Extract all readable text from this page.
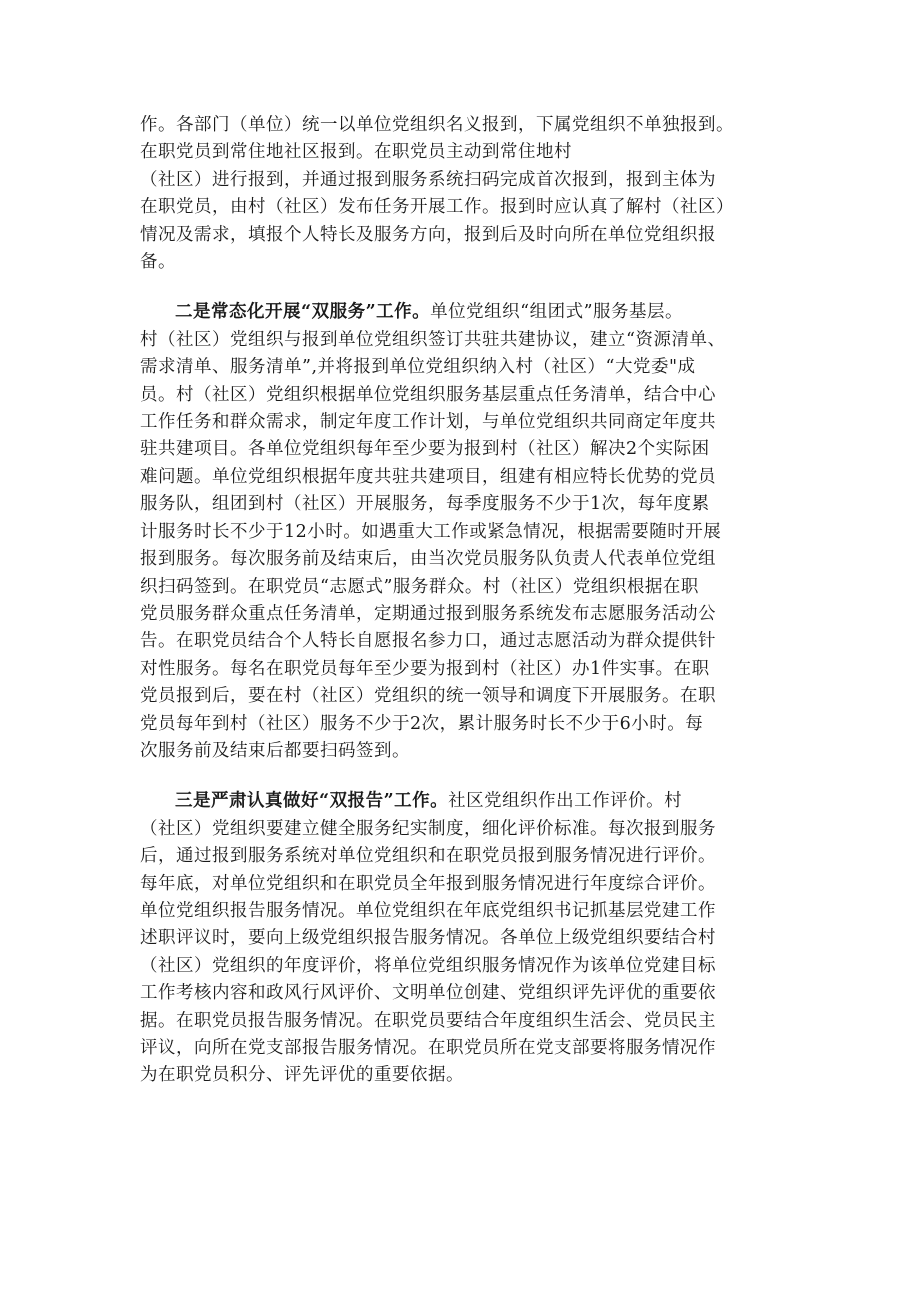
作。各部门（单位）统一以单位党组织名义报到，下属党组织不单独报到。
在职党员到常住地社区报到。在职党员主动到常住地村
（社区）进行报到，并通过报到服务系统扫码完成首次报到，报到主体为
在职党员，由村（社区）发布任务开展工作。报到时应认真了解村（社区）
情况及需求，填报个人特长及服务方向，报到后及时向所在单位党组织报
备。
二是常态化开展“双服务”工作。单位党组织“组团式”服务基层。
村（社区）党组织与报到单位党组织签订共驻共建协议，建立“资源清单、
需求清单、服务清单”,并将报到单位党组织纳入村（社区）“大党委"成
员。村（社区）党组织根据单位党组织服务基层重点任务清单，结合中心
工作任务和群众需求，制定年度工作计划，与单位党组织共同商定年度共
驻共建项目。各单位党组织每年至少要为报到村（社区）解决2个实际困
难问题。单位党组织根据年度共驻共建项目，组建有相应特长优势的党员
服务队，组团到村（社区）开展服务，每季度服务不少于1次，每年度累
计服务时长不少于12小时。如遇重大工作或紧急情况，根据需要随时开展
报到服务。每次服务前及结束后，由当次党员服务队负责人代表单位党组
织扫码签到。在职党员“志愿式”服务群众。村（社区）党组织根据在职
党员服务群众重点任务清单，定期通过报到服务系统发布志愿服务活动公
告。在职党员结合个人特长自愿报名参力口，通过志愿活动为群众提供针
对性服务。每名在职党员每年至少要为报到村（社区）办1件实事。在职
党员报到后，要在村（社区）党组织的统一领导和调度下开展服务。在职
党员每年到村（社区）服务不少于2次，累计服务时长不少于6小时。每
次服务前及结束后都要扫码签到。
三是严肃认真做好“双报告”工作。社区党组织作出工作评价。村
（社区）党组织要建立健全服务纪实制度，细化评价标准。每次报到服务
后，通过报到服务系统对单位党组织和在职党员报到服务情况进行评价。
每年底，对单位党组织和在职党员全年报到服务情况进行年度综合评价。
单位党组织报告服务情况。单位党组织在年底党组织书记抓基层党建工作
述职评议时，要向上级党组织报告服务情况。各单位上级党组织要结合村
（社区）党组织的年度评价，将单位党组织服务情况作为该单位党建目标
工作考核内容和政风行风评价、文明单位创建、党组织评先评优的重要依
据。在职党员报告服务情况。在职党员要结合年度组织生活会、党员民主
评议，向所在党支部报告服务情况。在职党员所在党支部要将服务情况作
为在职党员积分、评先评优的重要依据。
